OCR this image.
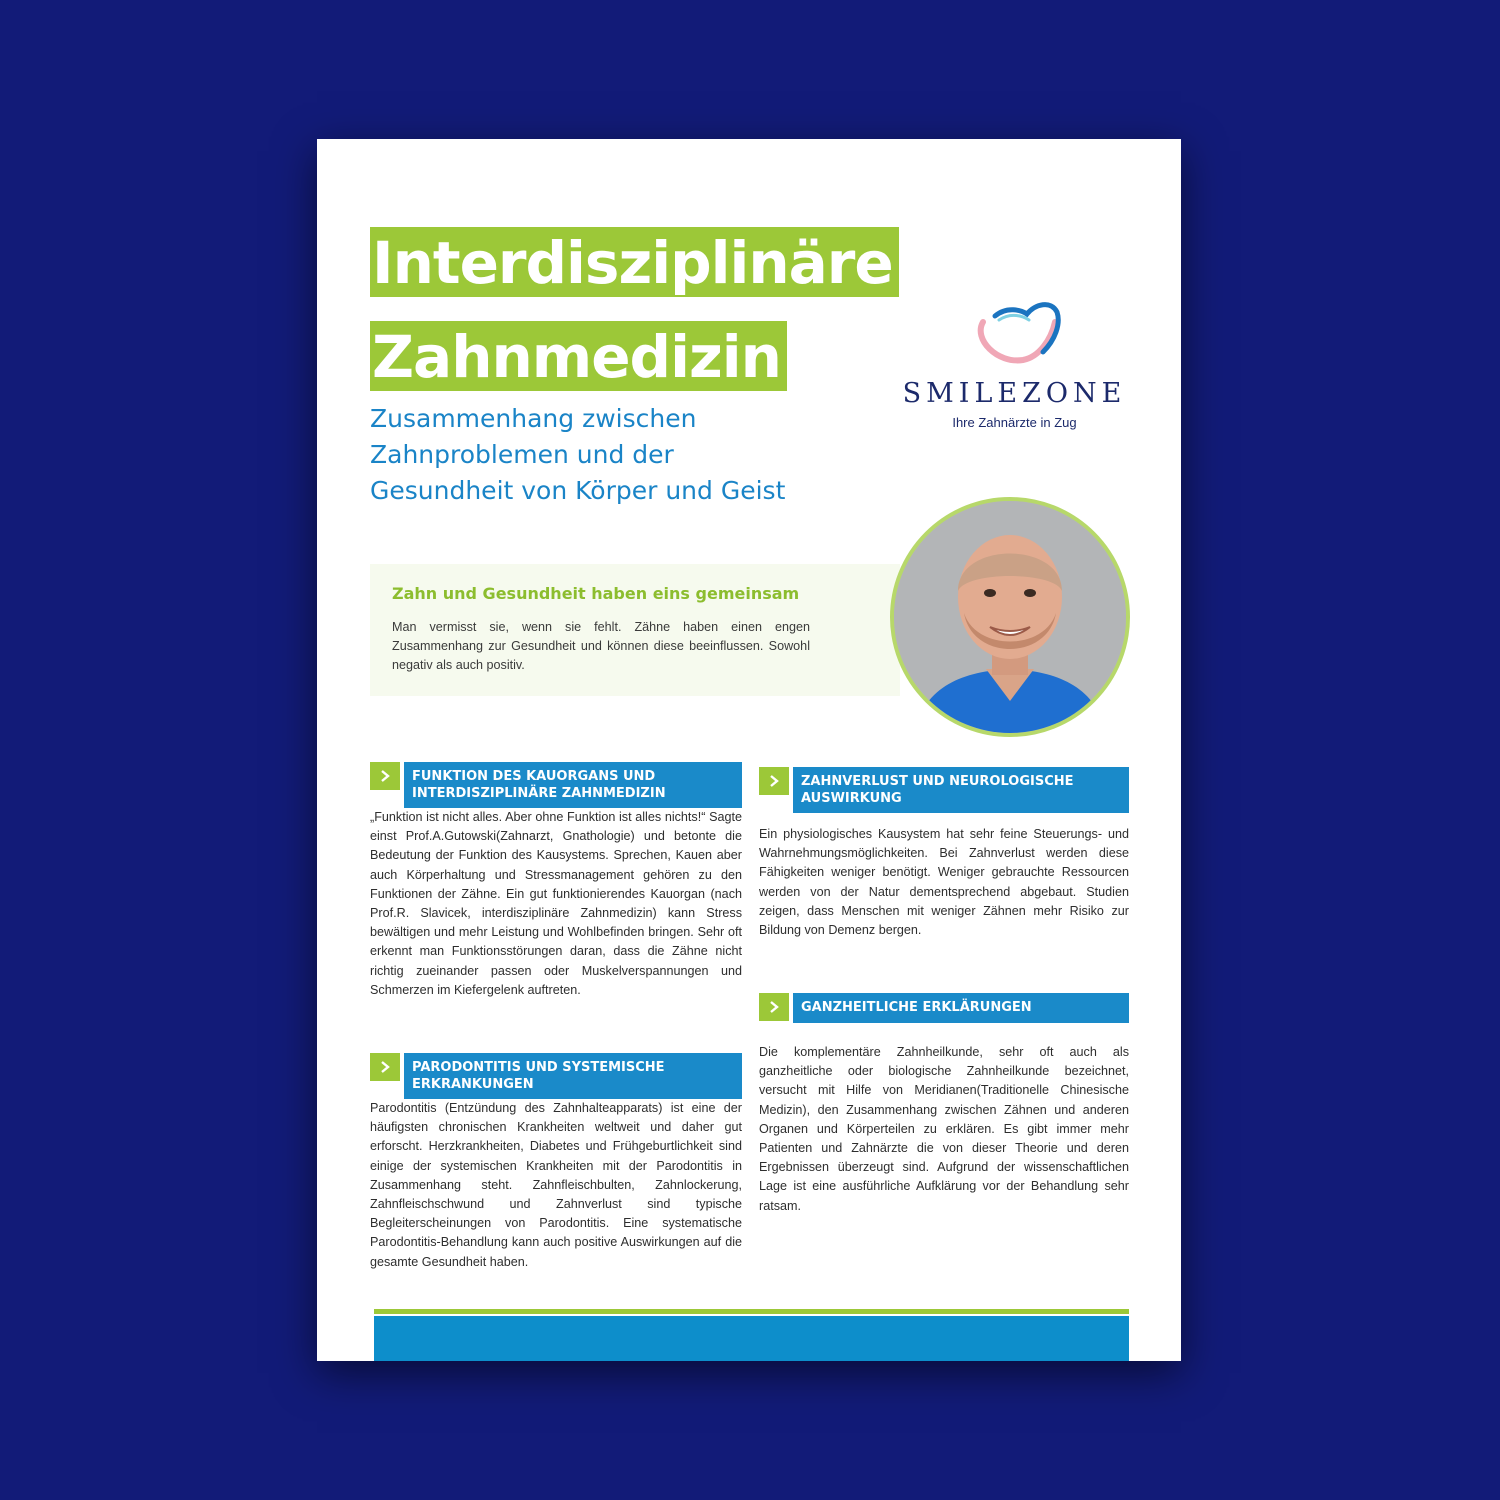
Interdisziplinäre
Zahnmedizin
Zusammenhang zwischen Zahnproblemen und der Gesundheit von Körper und Geist
SMILEZONE
Ihre Zahnärzte in Zug
Zahn und Gesundheit haben eins gemeinsam
Man vermisst sie, wenn sie fehlt. Zähne haben einen engen Zusammenhang zur Gesundheit und können diese beeinflussen. Sowohl negativ als auch positiv.
FUNKTION DES KAUORGANS UND INTERDISZIPLINÄRE ZAHNMEDIZIN
„Funktion ist nicht alles. Aber ohne Funktion ist alles nichts!“ Sagte einst Prof.A.Gutowski(Zahnarzt, Gnathologie) und betonte die Bedeutung der Funktion des Kausystems. Sprechen, Kauen aber auch Körperhaltung und Stressmanagement gehören zu den Funktionen der Zähne. Ein gut funktionierendes Kauorgan (nach Prof.R. Slavicek, interdisziplinäre Zahnmedizin) kann Stress bewältigen und mehr Leistung und Wohlbefinden bringen. Sehr oft erkennt man Funktionsstörungen daran, dass die Zähne nicht richtig zueinander passen oder Muskelverspannungen und Schmerzen im Kiefergelenk auftreten.
PARODONTITIS UND SYSTEMISCHE ERKRANKUNGEN
Parodontitis (Entzündung des Zahnhalteapparats) ist eine der häufigsten chronischen Krankheiten weltweit und daher gut erforscht. Herzkrankheiten, Diabetes und Frühgeburtlichkeit sind einige der systemischen Krankheiten mit der Parodontitis in Zusammenhang steht. Zahnfleischbulten, Zahnlockerung, Zahnfleischschwund und Zahnverlust sind typische Begleiterscheinungen von Parodontitis. Eine systematische Parodontitis-Behandlung kann auch positive Auswirkungen auf die gesamte Gesundheit haben.
ZAHNVERLUST UND NEUROLOGISCHE AUSWIRKUNG
Ein physiologisches Kausystem hat sehr feine Steuerungs- und Wahrnehmungsmöglichkeiten. Bei Zahnverlust werden diese Fähigkeiten weniger benötigt. Weniger gebrauchte Ressourcen werden von der Natur dementsprechend abgebaut. Studien zeigen, dass Menschen mit weniger Zähnen mehr Risiko zur Bildung von Demenz bergen.
GANZHEITLICHE ERKLÄRUNGEN
Die komplementäre Zahnheilkunde, sehr oft auch als ganzheitliche oder biologische Zahnheilkunde bezeichnet, versucht mit Hilfe von Meridianen(Traditionelle Chinesische Medizin), den Zusammenhang zwischen Zähnen und anderen Organen und Körperteilen zu erklären. Es gibt immer mehr Patienten und Zahnärzte die von dieser Theorie und deren Ergebnissen überzeugt sind. Aufgrund der wissenschaftlichen Lage ist eine ausführliche Aufklärung vor der Behandlung sehr ratsam.
